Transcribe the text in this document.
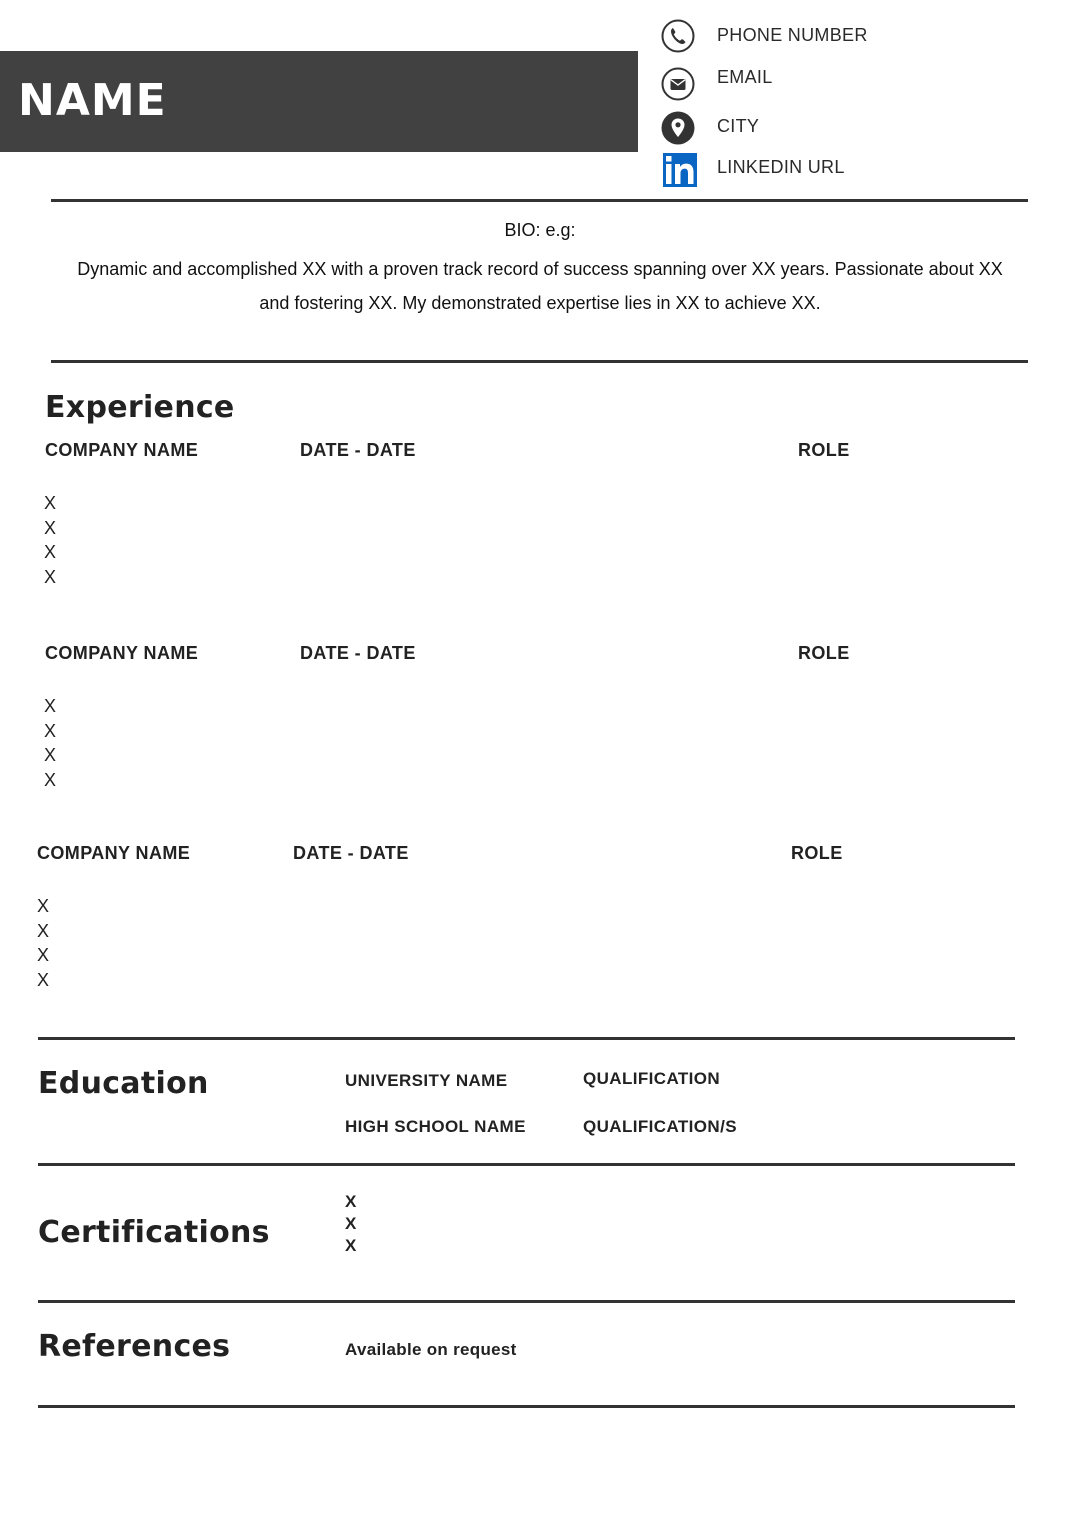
NAME
PHONE NUMBER
EMAIL
CITY
LINKEDIN URL
BIO: e.g:
Dynamic and accomplished XX with a proven track record of success spanning over XX years. Passionate about XX
and fostering XX. My demonstrated expertise lies in XX to achieve XX.
Experience
COMPANY NAME	DATE - DATE	ROLE
X
X
X
X
COMPANY NAME	DATE - DATE	ROLE
X
X
X
X
COMPANY NAME	DATE - DATE	ROLE
X
X
X
X
Education	UNIVERSITY NAME	QUALIFICATION
HIGH SCHOOL NAME	QUALIFICATION/S
Certifications
X
X
X
References	Available on request
